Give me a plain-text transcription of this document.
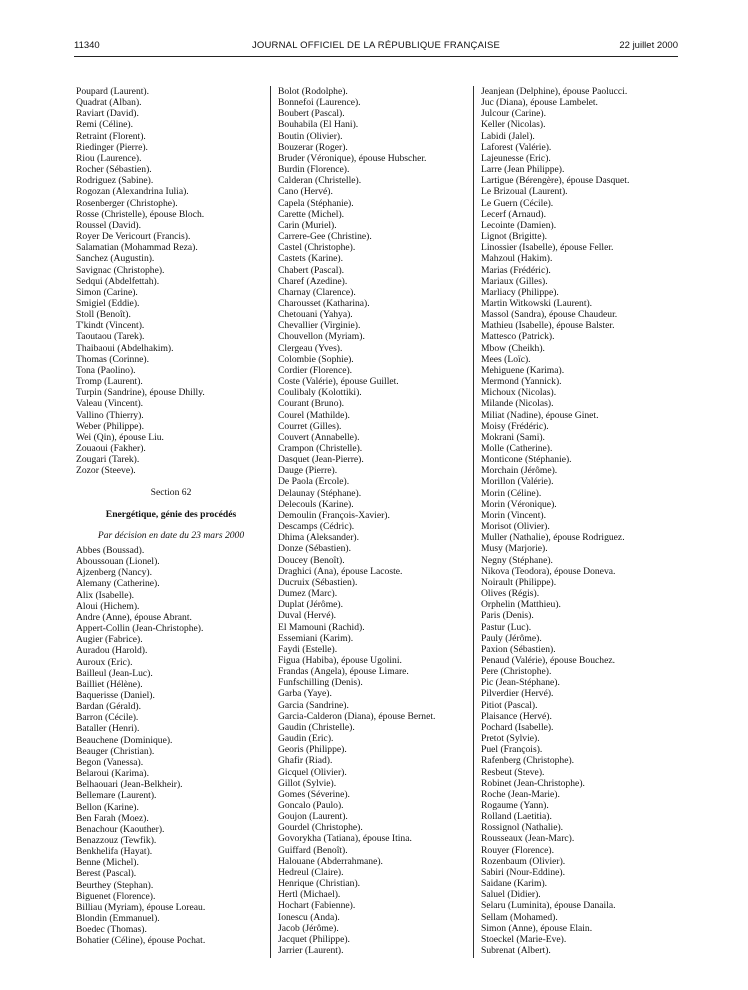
11340	JOURNAL OFFICIEL DE LA RÉPUBLIQUE FRANÇAISE	22 juillet 2000
Poupard (Laurent).
Quadrat (Alban).
Raviart (David).
Remi (Céline).
Retraint (Florent).
Riedinger (Pierre).
Riou (Laurence).
Rocher (Sébastien).
Rodriguez (Sabine).
Rogozan (Alexandrina Iulia).
Rosenberger (Christophe).
Rosse (Christelle), épouse Bloch.
Roussel (David).
Royer De Vericourt (Francis).
Salamatian (Mohammad Reza).
Sanchez (Augustin).
Savignac (Christophe).
Sedqui (Abdelfettah).
Simon (Carine).
Smigiel (Eddie).
Stoll (Benoît).
T'kindt (Vincent).
Taoutaou (Tarek).
Thaibaoui (Abdelhakim).
Thomas (Corinne).
Tona (Paolino).
Tromp (Laurent).
Turpin (Sandrine), épouse Dhilly.
Valeau (Vincent).
Vallino (Thierry).
Weber (Philippe).
Wei (Qin), épouse Liu.
Zouaoui (Fakher).
Zougari (Tarek).
Zozor (Steeve).
Section 62
Energétique, génie des procédés
Par décision en date du 23 mars 2000
Abbes (Boussad).
Aboussouan (Lionel).
Ajzenberg (Nancy).
Alemany (Catherine).
Alix (Isabelle).
Aloui (Hichem).
Andre (Anne), épouse Abrant.
Appert-Collin (Jean-Christophe).
Augier (Fabrice).
Auradou (Harold).
Auroux (Eric).
Bailleul (Jean-Luc).
Bailliet (Hélène).
Baquerisse (Daniel).
Bardan (Gérald).
Barron (Cécile).
Bataller (Henri).
Beauchene (Dominique).
Beauger (Christian).
Begon (Vanessa).
Belaroui (Karima).
Belhaouari (Jean-Belkheir).
Bellemare (Laurent).
Bellon (Karine).
Ben Farah (Moez).
Benachour (Kaouther).
Benazzouz (Tewfik).
Benkhelifa (Hayat).
Benne (Michel).
Berest (Pascal).
Beurthey (Stephan).
Biguenet (Florence).
Billiau (Myriam), épouse Loreau.
Blondin (Emmanuel).
Boedec (Thomas).
Bohatier (Céline), épouse Pochat.
Bolot (Rodolphe).
Bonnefoi (Laurence).
Boubert (Pascal).
Bouhabila (El Hani).
Boutin (Olivier).
Bouzerar (Roger).
Bruder (Véronique), épouse Hubscher.
Burdin (Florence).
Calderan (Christelle).
Cano (Hervé).
Capela (Stéphanie).
Carette (Michel).
Carin (Muriel).
Carrere-Gee (Christine).
Castel (Christophe).
Castets (Karine).
Chabert (Pascal).
Charef (Azedine).
Charnay (Clarence).
Charousset (Katharina).
Chetouani (Yahya).
Chevallier (Virginie).
Chouvellon (Myriam).
Clergeau (Yves).
Colombie (Sophie).
Cordier (Florence).
Coste (Valérie), épouse Guillet.
Coulibaly (Kolottiki).
Courant (Bruno).
Courel (Mathilde).
Courret (Gilles).
Couvert (Annabelle).
Crampon (Christelle).
Dasquet (Jean-Pierre).
Dauge (Pierre).
De Paola (Ercole).
Delaunay (Stéphane).
Delecouls (Karine).
Demoulin (François-Xavier).
Descamps (Cédric).
Dhima (Aleksander).
Donze (Sébastien).
Doucey (Benoît).
Draghici (Ana), épouse Lacoste.
Ducruix (Sébastien).
Dumez (Marc).
Duplat (Jérôme).
Duval (Hervé).
El Mamouni (Rachid).
Essemiani (Karim).
Faydi (Estelle).
Figua (Habiba), épouse Ugolini.
Frandas (Angela), épouse Limare.
Funfschilling (Denis).
Garba (Yaye).
Garcia (Sandrine).
Garcia-Calderon (Diana), épouse Bernet.
Gaudin (Christelle).
Gaudin (Eric).
Georis (Philippe).
Ghafir (Riad).
Gicquel (Olivier).
Gillot (Sylvie).
Gomes (Séverine).
Goncalo (Paulo).
Goujon (Laurent).
Gourdel (Christophe).
Govorykha (Tatiana), épouse Itina.
Guiffard (Benoît).
Halouane (Abderrahmane).
Hedreul (Claire).
Henrique (Christian).
Hertl (Michael).
Hochart (Fabienne).
Ionescu (Anda).
Jacob (Jérôme).
Jacquet (Philippe).
Jarrier (Laurent).
Jeanjean (Delphine), épouse Paolucci.
Juc (Diana), épouse Lambelet.
Julcour (Carine).
Keller (Nicolas).
Labidi (Jalel).
Laforest (Valérie).
Lajeunesse (Eric).
Larre (Jean Philippe).
Lartigue (Bérengère), épouse Dasquet.
Le Brizoual (Laurent).
Le Guern (Cécile).
Lecerf (Arnaud).
Lecointe (Damien).
Lignot (Brigitte).
Linossier (Isabelle), épouse Feller.
Mahzoul (Hakim).
Marias (Frédéric).
Mariaux (Gilles).
Marliacy (Philippe).
Martin Witkowski (Laurent).
Massol (Sandra), épouse Chaudeur.
Mathieu (Isabelle), épouse Balster.
Mattesco (Patrick).
Mbow (Cheikh).
Mees (Loïc).
Mehiguene (Karima).
Mermond (Yannick).
Michoux (Nicolas).
Milande (Nicolas).
Miliat (Nadine), épouse Ginet.
Moisy (Frédéric).
Mokrani (Sami).
Molle (Catherine).
Monticone (Stéphanie).
Morchain (Jérôme).
Morillon (Valérie).
Morin (Céline).
Morin (Véronique).
Morin (Vincent).
Morisot (Olivier).
Muller (Nathalie), épouse Rodriguez.
Musy (Marjorie).
Negny (Stéphane).
Nikova (Teodora), épouse Doneva.
Noirault (Philippe).
Olives (Régis).
Orphelin (Matthieu).
Paris (Denis).
Pastur (Luc).
Pauly (Jérôme).
Paxion (Sébastien).
Penaud (Valérie), épouse Bouchez.
Pere (Christophe).
Pic (Jean-Stéphane).
Pilverdier (Hervé).
Pitiot (Pascal).
Plaisance (Hervé).
Pochard (Isabelle).
Pretot (Sylvie).
Puel (François).
Rafenberg (Christophe).
Resbeut (Steve).
Robinet (Jean-Christophe).
Roche (Jean-Marie).
Rogaume (Yann).
Rolland (Laetitia).
Rossignol (Nathalie).
Rousseaux (Jean-Marc).
Rouyer (Florence).
Rozenbaum (Olivier).
Sabiri (Nour-Eddine).
Saidane (Karim).
Saluel (Didier).
Selaru (Luminita), épouse Danaila.
Sellam (Mohamed).
Simon (Anne), épouse Elain.
Stoeckel (Marie-Eve).
Subrenat (Albert).
